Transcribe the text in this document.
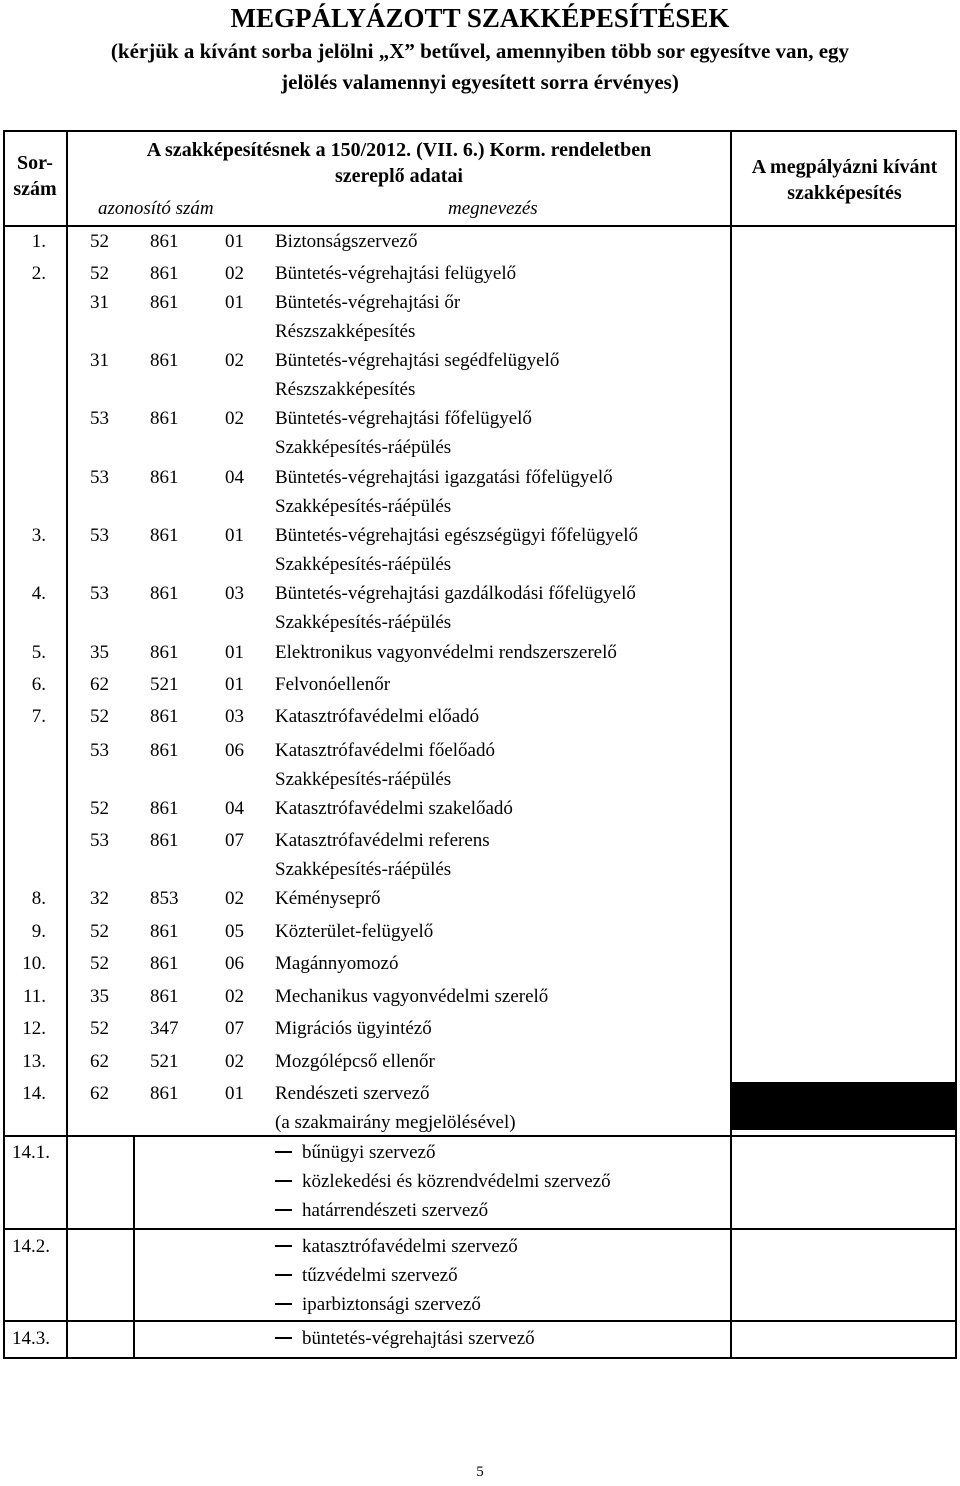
MEGPÁLYÁZOTT SZAKKÉPESÍTÉSEK
(kérjük a kívánt sorba jelölni „X” betűvel, amennyiben több sor egyesítve van, egy
jelölés valamennyi egyesített sorra érvényes)
Sor-
szám
A szakképesítésnek a 150/2012. (VII. 6.) Korm. rendeletben
szereplő adatai
azonosító szám	megnevezés
A megpályázni kívánt
szakképesítés
1. 52 861 01 Biztonságszervező
2. 52 861 02 Büntetés-végrehajtási felügyelő
31 861 01 Büntetés-végrehajtási őr
Részszakképesítés
31 861 02 Büntetés-végrehajtási segédfelügyelő
Részszakképesítés
53 861 02 Büntetés-végrehajtási főfelügyelő
Szakképesítés-ráépülés
53 861 04 Büntetés-végrehajtási igazgatási főfelügyelő
Szakképesítés-ráépülés
3. 53 861 01 Büntetés-végrehajtási egészségügyi főfelügyelő
Szakképesítés-ráépülés
4. 53 861 03 Büntetés-végrehajtási gazdálkodási főfelügyelő
Szakképesítés-ráépülés
5. 35 861 01 Elektronikus vagyonvédelmi rendszerszerelő
6. 62 521 01 Felvonóellenőr
7. 52 861 03 Katasztrófavédelmi előadó
53 861 06 Katasztrófavédelmi főelőadó
Szakképesítés-ráépülés
52 861 04 Katasztrófavédelmi szakelőadó
53 861 07 Katasztrófavédelmi referens
Szakképesítés-ráépülés
8. 32 853 02 Kéményseprő
9. 52 861 05 Közterület-felügyelő
10. 52 861 06 Magánnyomozó
11. 35 861 02 Mechanikus vagyonvédelmi szerelő
12. 52 347 07 Migrációs ügyintéző
13. 62 521 02 Mozgólépcső ellenőr
14. 62 861 01 Rendészeti szervező
(a szakmairány megjelölésével)
14.1.	bűnügyi szervező
közlekedési és közrendvédelmi szervező
határrendészeti szervező
14.2.	katasztrófavédelmi szervező
tűzvédelmi szervező
iparbiztonsági szervező
14.3.	büntetés-végrehajtási szervező
5
